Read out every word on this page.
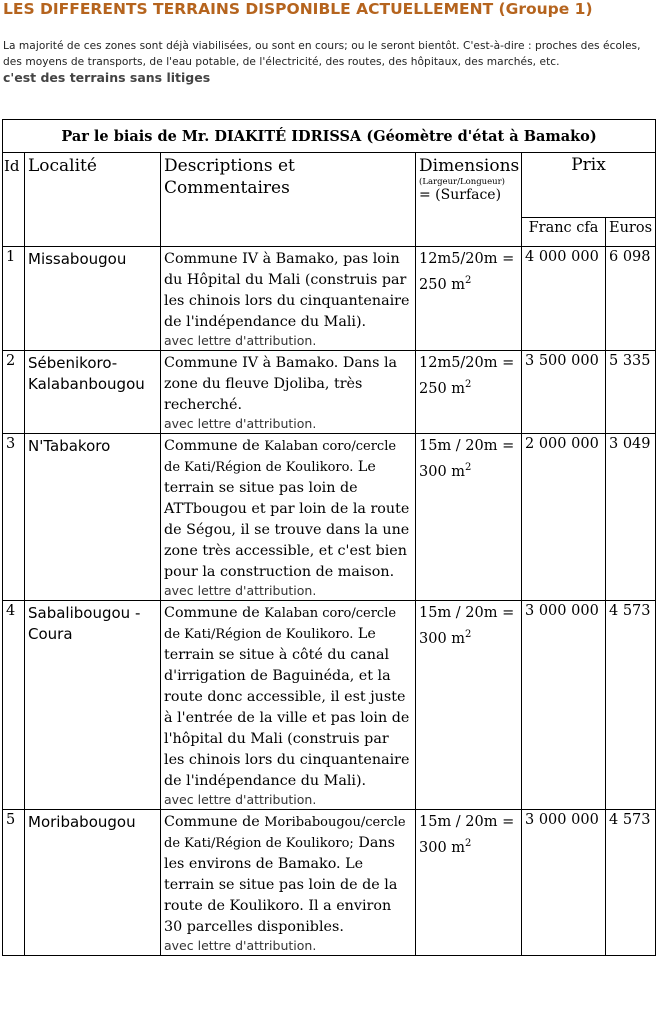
LES DIFFERENTS TERRAINS DISPONIBLE ACTUELLEMENT (Groupe 1)

La majorité de ces zones sont déjà viabilisées, ou sont en cours; ou le seront bientôt. C'est-à-dire : proches des écoles, des moyens de transports, de l'eau potable, de l'électricité, des routes, des hôpitaux, des marchés, etc.

c'est des terrains sans litiges

Par le biais de Mr. DIAKITÉ IDRISSA (Géomètre d'état à Bamako)					
Id	Localité	Descriptions et Commentaires	Dimensions
(Largeur/Longueur)
= (Surface)	Prix	
				Franc cfa	Euros
1	Missabougou	Commune IV à Bamako, pas loin du Hôpital du Mali (construis par les chinois lors du cinquantenaire de l'indépendance du Mali).
avec lettre d'attribution.	12m5/20m =
250 $m^2$	4 000 000	6 098
2	Sébenikoro-Kalabanbougou	Commune IV à Bamako. Dans la zone du fleuve Djoliba, très recherché.
avec lettre d'attribution.	12m5/20m =
250 $m^2$	3 500 000	5 335
3	N'Tabakoro	Commune de Kalaban coro/cercle de Kati/Région de Koulikoro. Le terrain se situe pas loin de ATTbougou et par loin de la route de Ségou, il se trouve dans la une zone très accessible, et c'est bien pour la construction de maison.
avec lettre d'attribution.	15m / 20m =
300 $m^2$	2 000 000	3 049
4	Sabalibougou - Coura	Commune de Kalaban coro/cercle de Kati/Région de Koulikoro. Le terrain se situe à côté du canal d'irrigation de Baguinéda, et la route donc accessible, il est juste à l'entrée de la ville et pas loin de l'hôpital du Mali (construis par les chinois lors du cinquantenaire de l'indépendance du Mali).
avec lettre d'attribution.	15m / 20m =
300 $m^2$	3 000 000	4 573
5	Moribabougou	Commune de Moribabougou/cercle de Kati/Région de Koulikoro; Dans les environs de Bamako. Le terrain se situe pas loin de de la route de Koulikoro. Il a environ 30 parcelles disponibles.
avec lettre d'attribution.	15m / 20m =
300 $m^2$	3 000 000	4 573
